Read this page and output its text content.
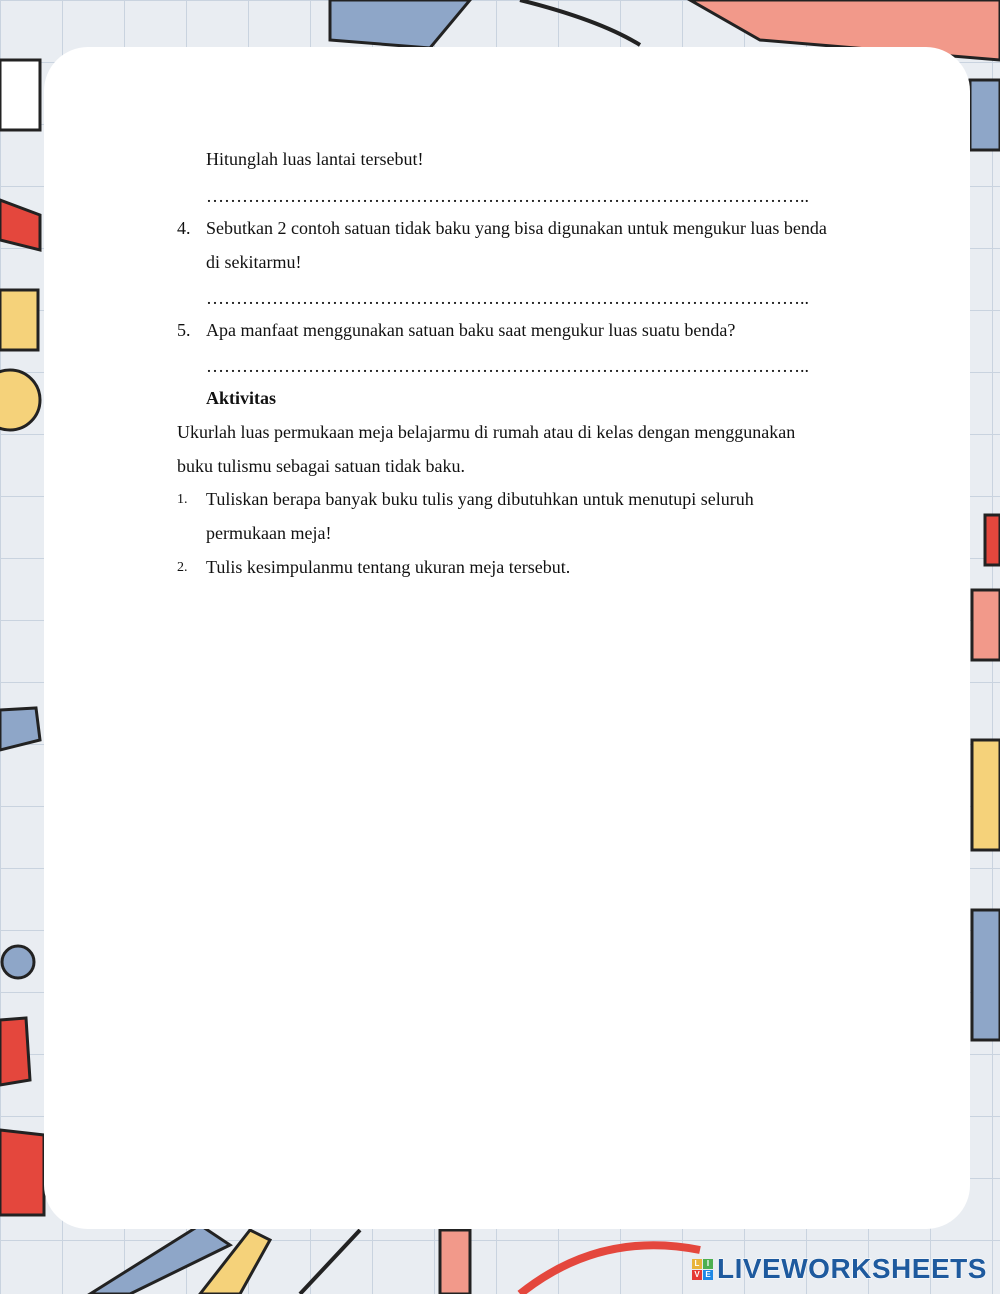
Hitunglah luas lantai tersebut!
………………………………………………………………………………………..
4. Sebutkan 2 contoh satuan tidak baku yang bisa digunakan untuk mengukur luas benda
di sekitarmu!
………………………………………………………………………………………..
5. Apa manfaat menggunakan satuan baku saat mengukur luas suatu benda?
………………………………………………………………………………………..
Aktivitas
Ukurlah luas permukaan meja belajarmu di rumah atau di kelas dengan menggunakan
buku tulismu sebagai satuan tidak baku.
1. Tuliskan berapa banyak buku tulis yang dibutuhkan untuk menutupi seluruh
permukaan meja!
2. Tulis kesimpulanmu tentang ukuran meja tersebut.
L I
V E LIVEWORKSHEETS
